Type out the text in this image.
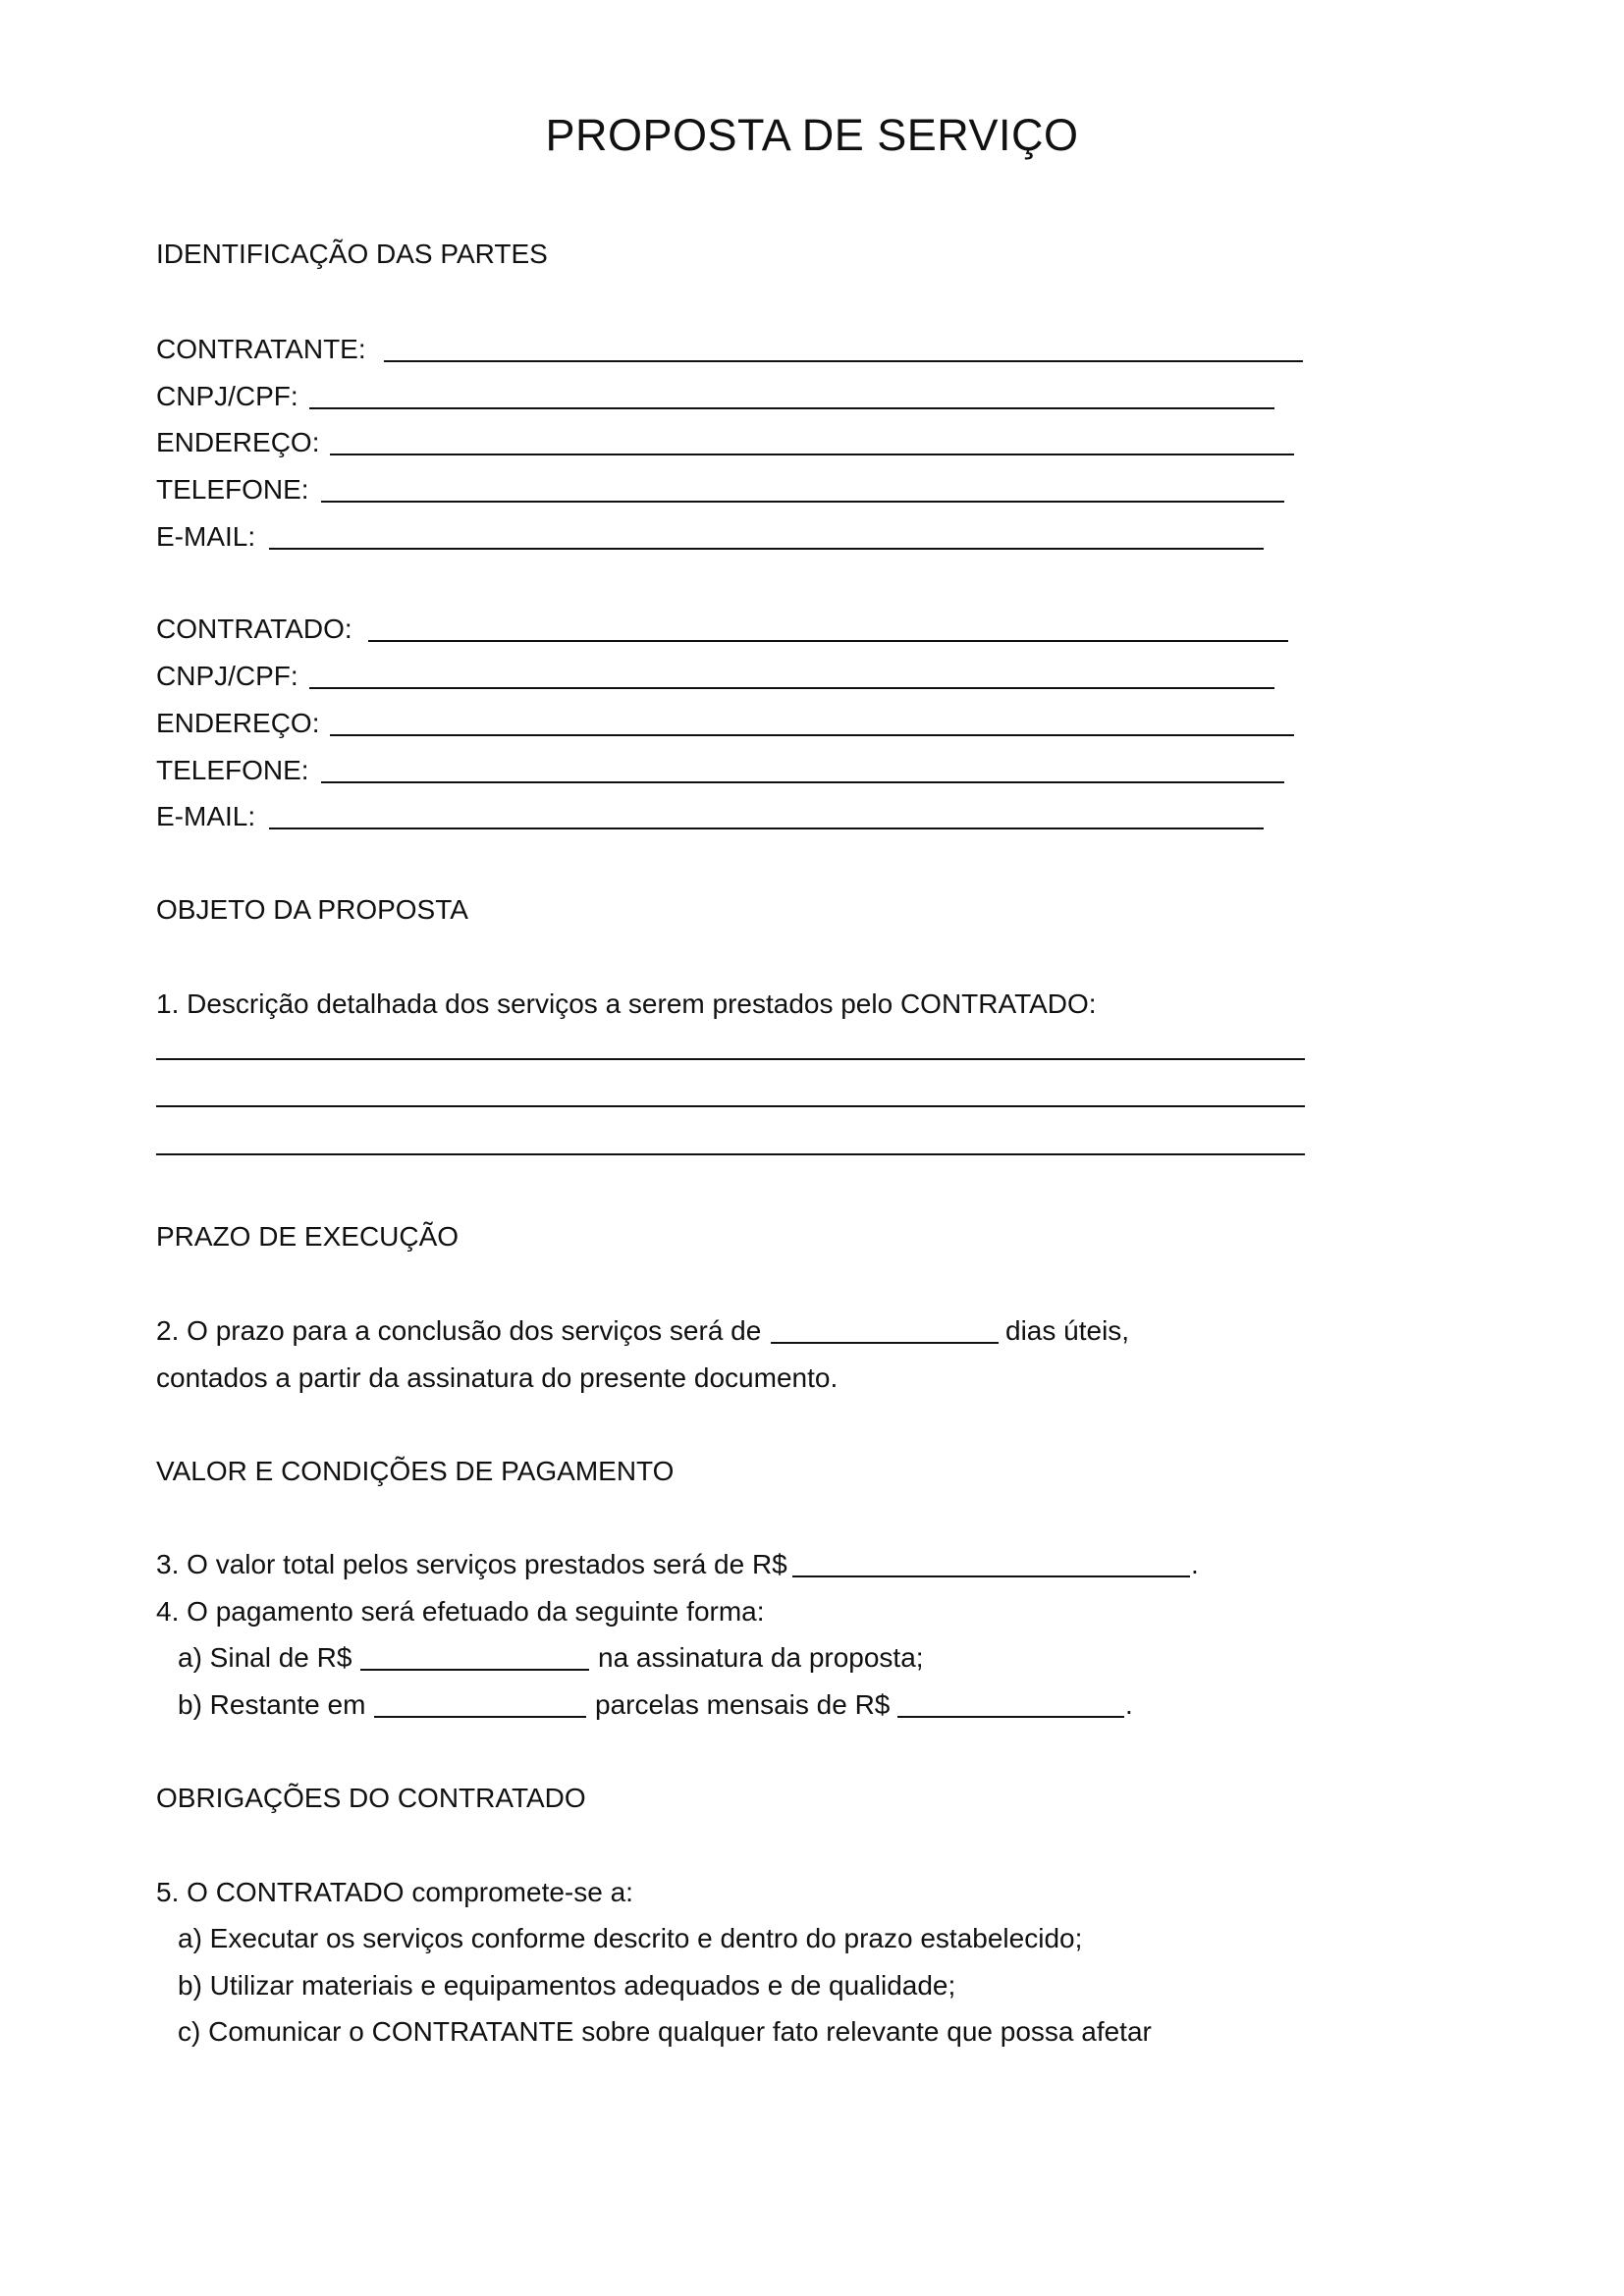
PROPOSTA DE SERVIÇO
IDENTIFICAÇÃO DAS PARTES
CONTRATANTE:
CNPJ/CPF:
ENDEREÇO:
TELEFONE:
E-MAIL:
CONTRATADO:
CNPJ/CPF:
ENDEREÇO:
TELEFONE:
E-MAIL:
OBJETO DA PROPOSTA
1. Descrição detalhada dos serviços a serem prestados pelo CONTRATADO:
PRAZO DE EXECUÇÃO
2. O prazo para a conclusão dos serviços será de	dias úteis,
contados a partir da assinatura do presente documento.
VALOR E CONDIÇÕES DE PAGAMENTO
3. O valor total pelos serviços prestados será de R$	.
4. O pagamento será efetuado da seguinte forma:
a) Sinal de R$	na assinatura da proposta;
b) Restante em	parcelas mensais de R$	.
OBRIGAÇÕES DO CONTRATADO
5. O CONTRATADO compromete-se a:
a) Executar os serviços conforme descrito e dentro do prazo estabelecido;
b) Utilizar materiais e equipamentos adequados e de qualidade;
c) Comunicar o CONTRATANTE sobre qualquer fato relevante que possa afetar
